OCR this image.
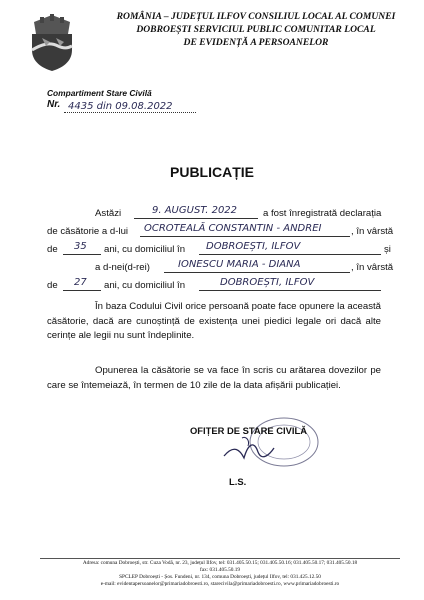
ROMÂNIA – JUDEȚUL ILFOV CONSILIUL LOCAL AL COMUNEI
DOBROEȘTI SERVICIUL PUBLIC COMUNITAR LOCAL
DE EVIDENȚĂ A PERSOANELOR
Compartiment Stare Civilă
Nr. 4435 din 09.08.2022
PUBLICAȚIE
Astăzi	9. AUGUST. 2022	a fost înregistrată declarația
de căsătorie a d-lui OCROTEALĂ CONSTANTIN - ANDREI	, în vârstă
de 35 ani, cu domiciliul în DOBROEȘTI, ILFOV	și
a d-nei(d-rei)	IONESCU MARIA - DIANA	, în vârstă
de 27 ani, cu domiciliul în	DOBROEȘTI, ILFOV
În baza Codului Civil orice persoană poate face opunere la această căsătorie, dacă are cunoștință de existența unei piedici legale ori dacă alte cerințe ale legii nu sunt îndeplinite.
Opunerea la căsătorie se va face în scris cu arătarea dovezilor pe care se întemeiază, în termen de 10 zile de la data afișării publicației.
OFIȚER DE STARE CIVILĂ
L.S.
Adresa: comuna Dobroești, str. Cuza Vodă, nr. 23, județul Ilfov, tel: 031.405.50.15; 031.405.50.16; 031.405.50.17; 031.405.50.18
fax: 031.405.50.19
SPCLEP Dobroești - Șos. Fundeni, nr. 134, comuna Dobroești, județul Ilfov, tel: 031.425.12.50
e-mail: evidentapersoanelor@primariadobroesti.ro, starecivila@primariadobroesti.ro, www.primariadobroesti.ro
